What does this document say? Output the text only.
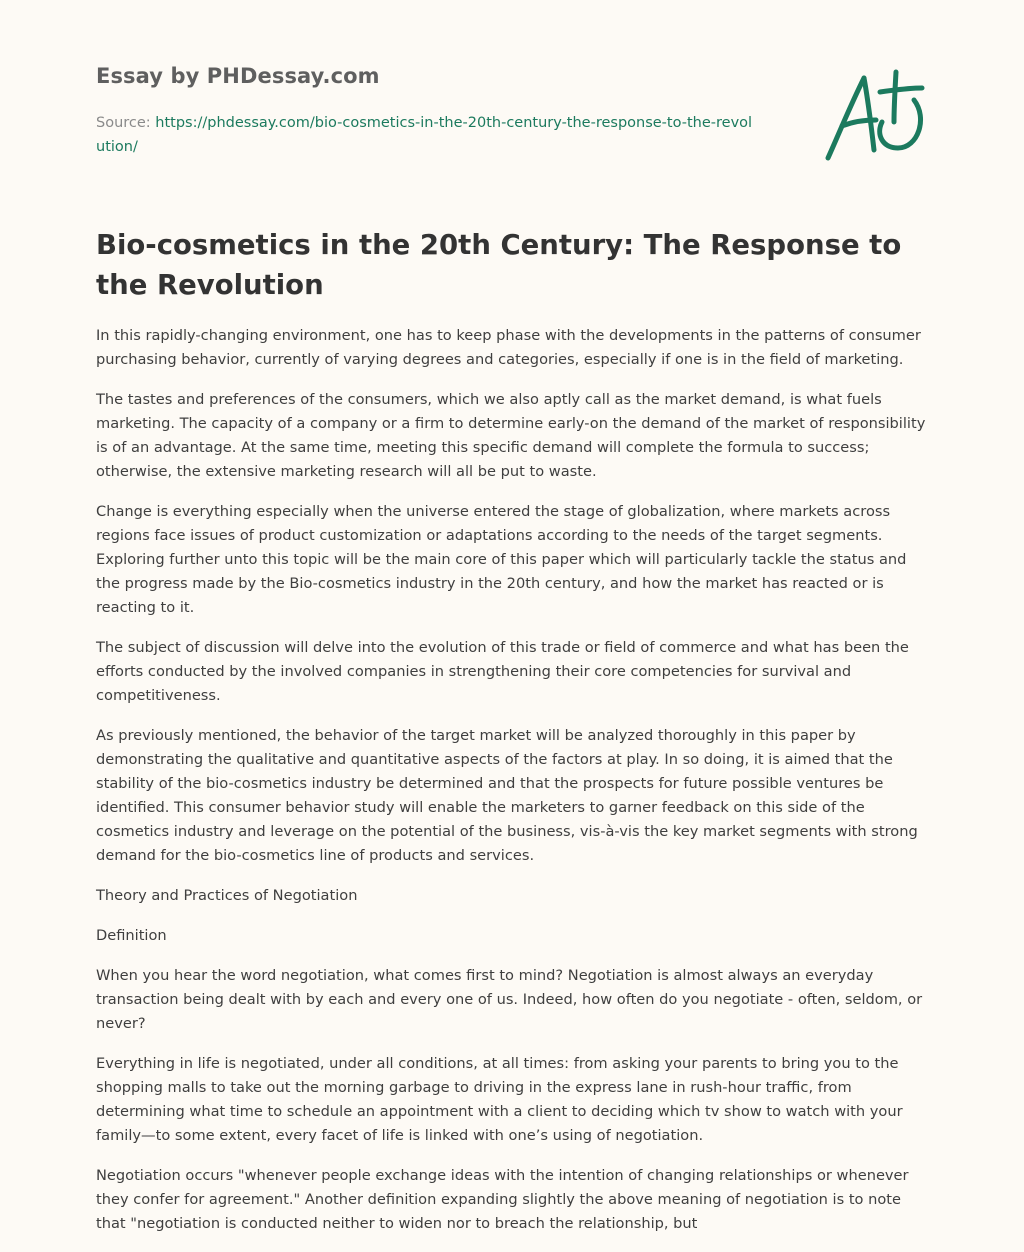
Essay by PHDessay.com
Source: https://phdessay.com/bio-cosmetics-in-the-20th-century-the-response-to-the-revolution/
Bio-cosmetics in the 20th Century: The Response to the Revolution

In this rapidly-changing environment, one has to keep phase with the developments in the patterns of consumer purchasing behavior, currently of varying degrees and categories, especially if one is in the field of marketing.

The tastes and preferences of the consumers, which we also aptly call as the market demand, is what fuels marketing. The capacity of a company or a firm to determine early-on the demand of the market of responsibility is of an advantage. At the same time, meeting this specific demand will complete the formula to success; otherwise, the extensive marketing research will all be put to waste.

Change is everything especially when the universe entered the stage of globalization, where markets across regions face issues of product customization or adaptations according to the needs of the target segments. Exploring further unto this topic will be the main core of this paper which will particularly tackle the status and the progress made by the Bio-cosmetics industry in the 20th century, and how the market has reacted or is reacting to it.

The subject of discussion will delve into the evolution of this trade or field of commerce and what has been the efforts conducted by the involved companies in strengthening their core competencies for survival and competitiveness.

As previously mentioned, the behavior of the target market will be analyzed thoroughly in this paper by demonstrating the qualitative and quantitative aspects of the factors at play. In so doing, it is aimed that the stability of the bio-cosmetics industry be determined and that the prospects for future possible ventures be identified. This consumer behavior study will enable the marketers to garner feedback on this side of the cosmetics industry and leverage on the potential of the business, vis-à-vis the key market segments with strong demand for the bio-cosmetics line of products and services.

Theory and Practices of Negotiation

Definition

When you hear the word negotiation, what comes first to mind? Negotiation is almost always an everyday transaction being dealt with by each and every one of us. Indeed, how often do you negotiate - often, seldom, or never?

Everything in life is negotiated, under all conditions, at all times: from asking your parents to bring you to the shopping malls to take out the morning garbage to driving in the express lane in rush-hour traffic, from determining what time to schedule an appointment with a client to deciding which tv show to watch with your family—to some extent, every facet of life is linked with one’s using of negotiation.

Negotiation occurs "whenever people exchange ideas with the intention of changing relationships or whenever they confer for agreement." Another definition expanding slightly the above meaning of negotiation is to note that "negotiation is conducted neither to widen nor to breach the relationship, but
